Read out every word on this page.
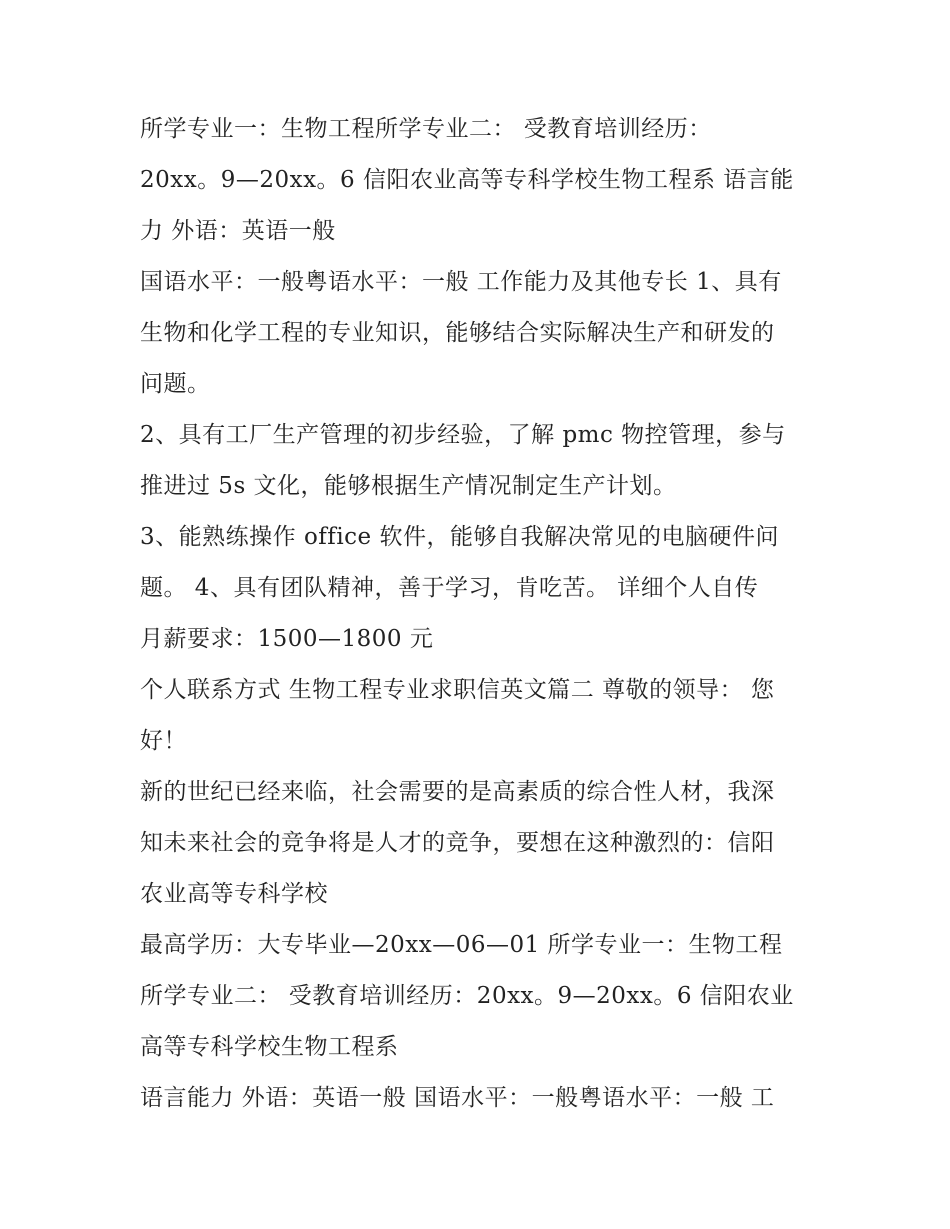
所学专业一：生物工程所学专业二： 受教育培训经历：
20xx。9—20xx。6 信阳农业高等专科学校生物工程系 语言能
力 外语：英语一般
国语水平：一般粤语水平：一般 工作能力及其他专长 1、具有
生物和化学工程的专业知识，能够结合实际解决生产和研发的
问题。
2、具有工厂生产管理的初步经验，了解 pmc 物控管理，参与
推进过 5s 文化，能够根据生产情况制定生产计划。
3、能熟练操作 office 软件，能够自我解决常见的电脑硬件问
题。 4、具有团队精神，善于学习，肯吃苦。 详细个人自传
月薪要求：1500—1800 元
个人联系方式 生物工程专业求职信英文篇二 尊敬的领导： 您
好！
新的世纪已经来临，社会需要的是高素质的综合性人材，我深
知未来社会的竞争将是人才的竞争，要想在这种激烈的：信阳
农业高等专科学校
最高学历：大专毕业—20xx—06—01 所学专业一：生物工程
所学专业二： 受教育培训经历：20xx。9—20xx。6 信阳农业
高等专科学校生物工程系
语言能力 外语：英语一般 国语水平：一般粤语水平：一般 工
